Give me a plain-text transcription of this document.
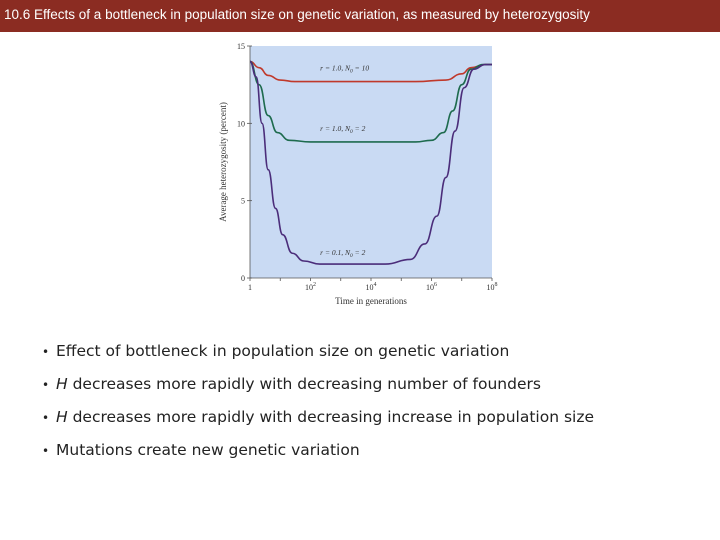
10.6 Effects of a bottleneck in population size on genetic variation, as measured by heterozygosity
0
5
10
15
1	$10^2$	$10^4$	$10^6$	$10^8$
Time in generations
Average heterozygosity (percent)
r = 1.0, $N_0 = 10$
r = 1.0, $N_0 = 2$
r = 0.1, $N_0 = 2$
• Effect of bottleneck in population size on genetic variation
• H decreases more rapidly with decreasing number of founders
• H decreases more rapidly with decreasing increase in population size
• Mutations create new genetic variation
